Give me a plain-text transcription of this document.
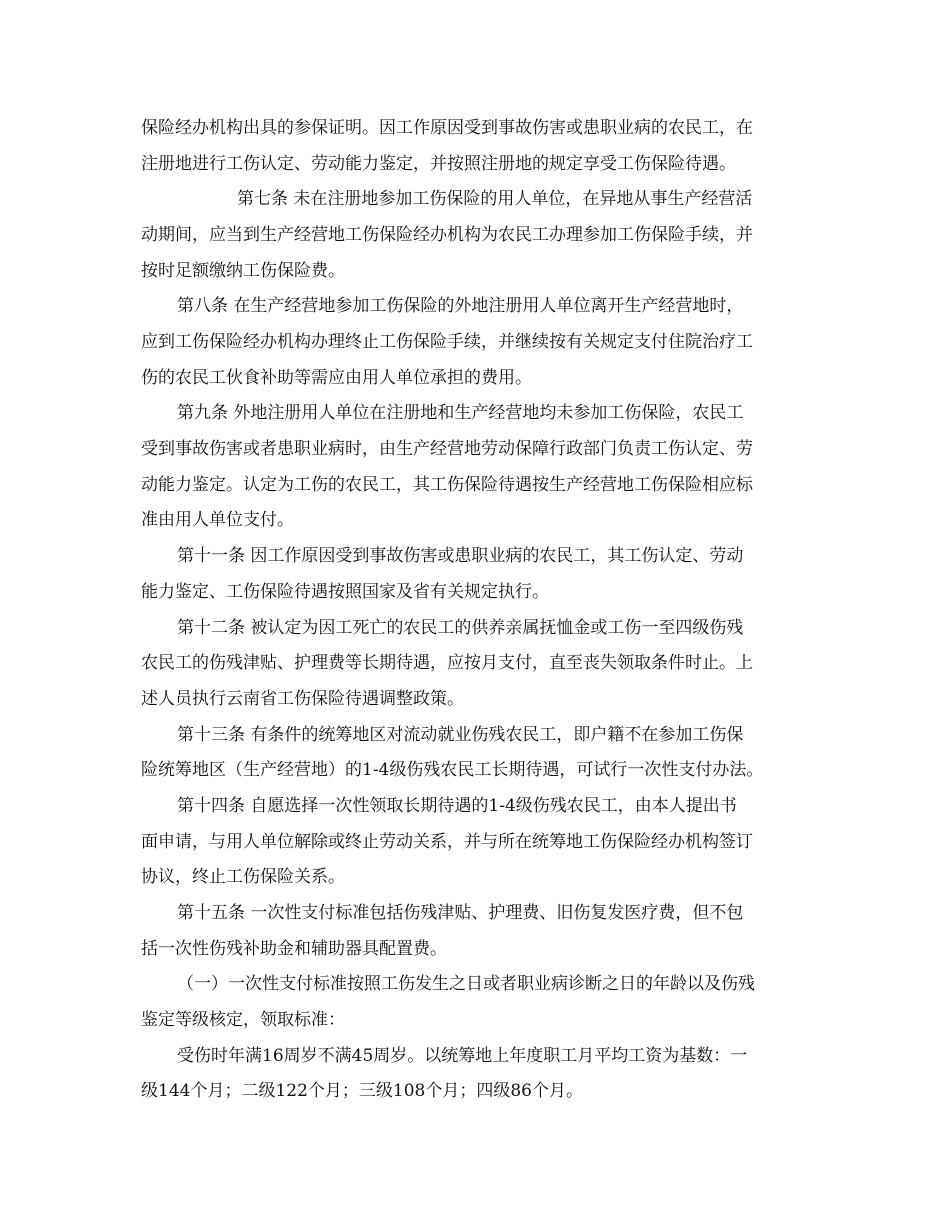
保险经办机构出具的参保证明。因工作原因受到事故伤害或患职业病的农民工，在
注册地进行工伤认定、劳动能力鉴定，并按照注册地的规定享受工伤保险待遇。
第七条 未在注册地参加工伤保险的用人单位，在异地从事生产经营活
动期间，应当到生产经营地工伤保险经办机构为农民工办理参加工伤保险手续，并
按时足额缴纳工伤保险费。
第八条 在生产经营地参加工伤保险的外地注册用人单位离开生产经营地时，
应到工伤保险经办机构办理终止工伤保险手续，并继续按有关规定支付住院治疗工
伤的农民工伙食补助等需应由用人单位承担的费用。
第九条 外地注册用人单位在注册地和生产经营地均未参加工伤保险，农民工
受到事故伤害或者患职业病时，由生产经营地劳动保障行政部门负责工伤认定、劳
动能力鉴定。认定为工伤的农民工，其工伤保险待遇按生产经营地工伤保险相应标
准由用人单位支付。
第十一条 因工作原因受到事故伤害或患职业病的农民工，其工伤认定、劳动
能力鉴定、工伤保险待遇按照国家及省有关规定执行。
第十二条 被认定为因工死亡的农民工的供养亲属抚恤金或工伤一至四级伤残
农民工的伤残津贴、护理费等长期待遇，应按月支付，直至丧失领取条件时止。上
述人员执行云南省工伤保险待遇调整政策。
第十三条 有条件的统筹地区对流动就业伤残农民工，即户籍不在参加工伤保
险统筹地区（生产经营地）的1-4级伤残农民工长期待遇，可试行一次性支付办法。
第十四条 自愿选择一次性领取长期待遇的1-4级伤残农民工，由本人提出书
面申请，与用人单位解除或终止劳动关系，并与所在统筹地工伤保险经办机构签订
协议，终止工伤保险关系。
第十五条 一次性支付标准包括伤残津贴、护理费、旧伤复发医疗费，但不包
括一次性伤残补助金和辅助器具配置费。
（一）一次性支付标准按照工伤发生之日或者职业病诊断之日的年龄以及伤残
鉴定等级核定，领取标准：
受伤时年满16周岁不满45周岁。以统筹地上年度职工月平均工资为基数：一
级144个月；二级122个月；三级108个月；四级86个月。
